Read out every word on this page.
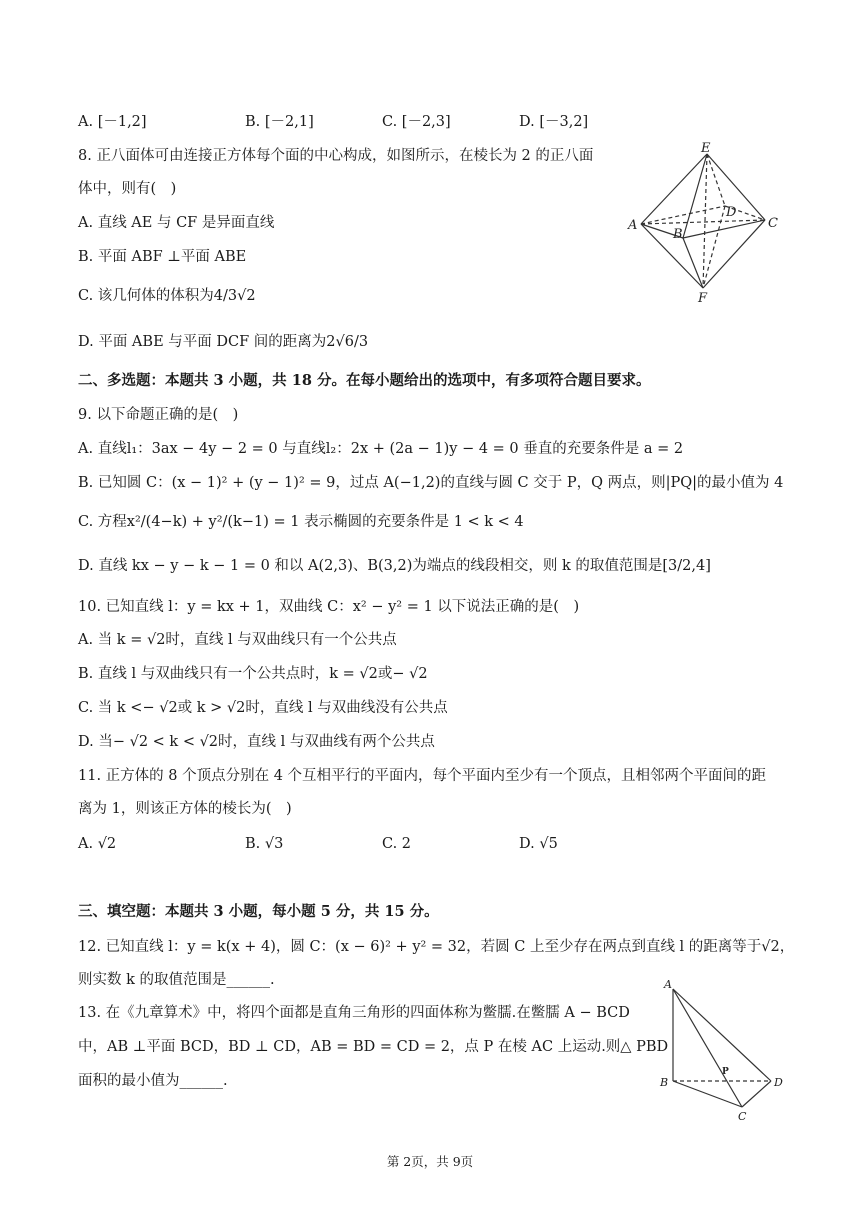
A. [－1,2]	B. [－2,1]	C. [－2,3]	D. [－3,2]
8. 正八面体可由连接正方体每个面的中心构成，如图所示，在棱长为 2 的正八面
体中，则有(　)
A. 直线 AE 与 CF 是异面直线
B. 平面 ABF ⊥平面 ABE
C. 该几何体的体积为4/3√2
D. 平面 ABE 与平面 DCF 间的距离为2√6/3
E
A
B
D
C
F
二、多选题：本题共 3 小题，共 18 分。在每小题给出的选项中，有多项符合题目要求。
9. 以下命题正确的是(　)
A. 直线l₁：3ax − 4y − 2 = 0 与直线l₂：2x + (2a − 1)y − 4 = 0 垂直的充要条件是 a = 2
B. 已知圆 C：(x − 1)² + (y − 1)² = 9，过点 A(−1,2)的直线与圆 C 交于 P，Q 两点，则|PQ|的最小值为 4
C. 方程x²/(4−k) + y²/(k−1) = 1 表示椭圆的充要条件是 1 < k < 4
D. 直线 kx − y − k − 1 = 0 和以 A(2,3)、B(3,2)为端点的线段相交，则 k 的取值范围是[3/2,4]
10. 已知直线 l：y = kx + 1，双曲线 C：x² − y² = 1 以下说法正确的是(　)
A. 当 k = √2时，直线 l 与双曲线只有一个公共点
B. 直线 l 与双曲线只有一个公共点时，k = √2或− √2
C. 当 k <− √2或 k > √2时，直线 l 与双曲线没有公共点
D. 当− √2 < k < √2时，直线 l 与双曲线有两个公共点
11. 正方体的 8 个顶点分别在 4 个互相平行的平面内，每个平面内至少有一个顶点，且相邻两个平面间的距
离为 1，则该正方体的棱长为(　)
A. √2	B. √3	C. 2	D. √5
三、填空题：本题共 3 小题，每小题 5 分，共 15 分。
12. 已知直线 l：y = k(x + 4)，圆 C：(x − 6)² + y² = 32，若圆 C 上至少存在两点到直线 l 的距离等于√2，
则实数 k 的取值范围是______.
13. 在《九章算术》中，将四个面都是直角三角形的四面体称为鳖臑.在鳖臑 A − BCD
中，AB ⊥平面 BCD，BD ⊥ CD，AB = BD = CD = 2，点 P 在棱 AC 上运动.则△ PBD
面积的最小值为______.
A
B
P
D
C
第 2页，共 9页
